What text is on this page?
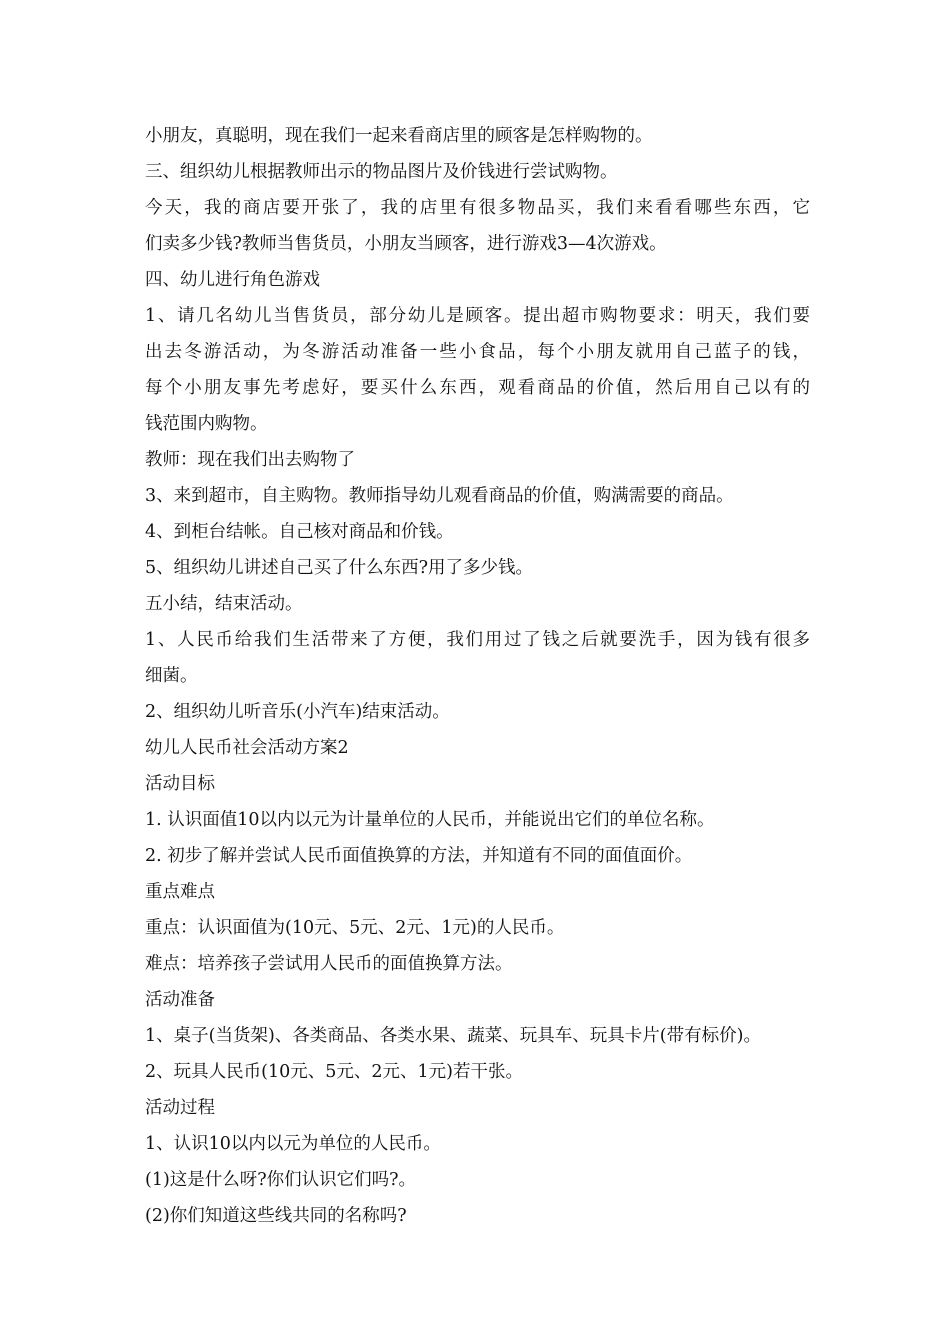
小朋友，真聪明，现在我们一起来看商店里的顾客是怎样购物的。
三、组织幼儿根据教师出示的物品图片及价钱进行尝试购物。
今天，我的商店要开张了，我的店里有很多物品买，我们来看看哪些东西，它
们卖多少钱?教师当售货员，小朋友当顾客，进行游戏3—4次游戏。
四、幼儿进行角色游戏
1、请几名幼儿当售货员，部分幼儿是顾客。提出超市购物要求：明天，我们要
出去冬游活动，为冬游活动准备一些小食品，每个小朋友就用自己蓝子的钱，
每个小朋友事先考虑好，要买什么东西，观看商品的价值，然后用自己以有的
钱范围内购物。
教师：现在我们出去购物了
3、来到超市，自主购物。教师指导幼儿观看商品的价值，购满需要的商品。
4、到柜台结帐。自己核对商品和价钱。
5、组织幼儿讲述自己买了什么东西?用了多少钱。
五小结，结束活动。
1、人民币给我们生活带来了方便，我们用过了钱之后就要洗手，因为钱有很多
细菌。
2、组织幼儿听音乐(小汽车)结束活动。
幼儿人民币社会活动方案2
活动目标
1. 认识面值10以内以元为计量单位的人民币，并能说出它们的单位名称。
2. 初步了解并尝试人民币面值换算的方法，并知道有不同的面值面价。
重点难点
重点：认识面值为(10元、5元、2元、1元)的人民币。
难点：培养孩子尝试用人民币的面值换算方法。
活动准备
1、桌子(当货架)、各类商品、各类水果、蔬菜、玩具车、玩具卡片(带有标价)。
2、玩具人民币(10元、5元、2元、1元)若干张。
活动过程
1、认识10以内以元为单位的人民币。
(1)这是什么呀?你们认识它们吗?。
(2)你们知道这些线共同的名称吗?
